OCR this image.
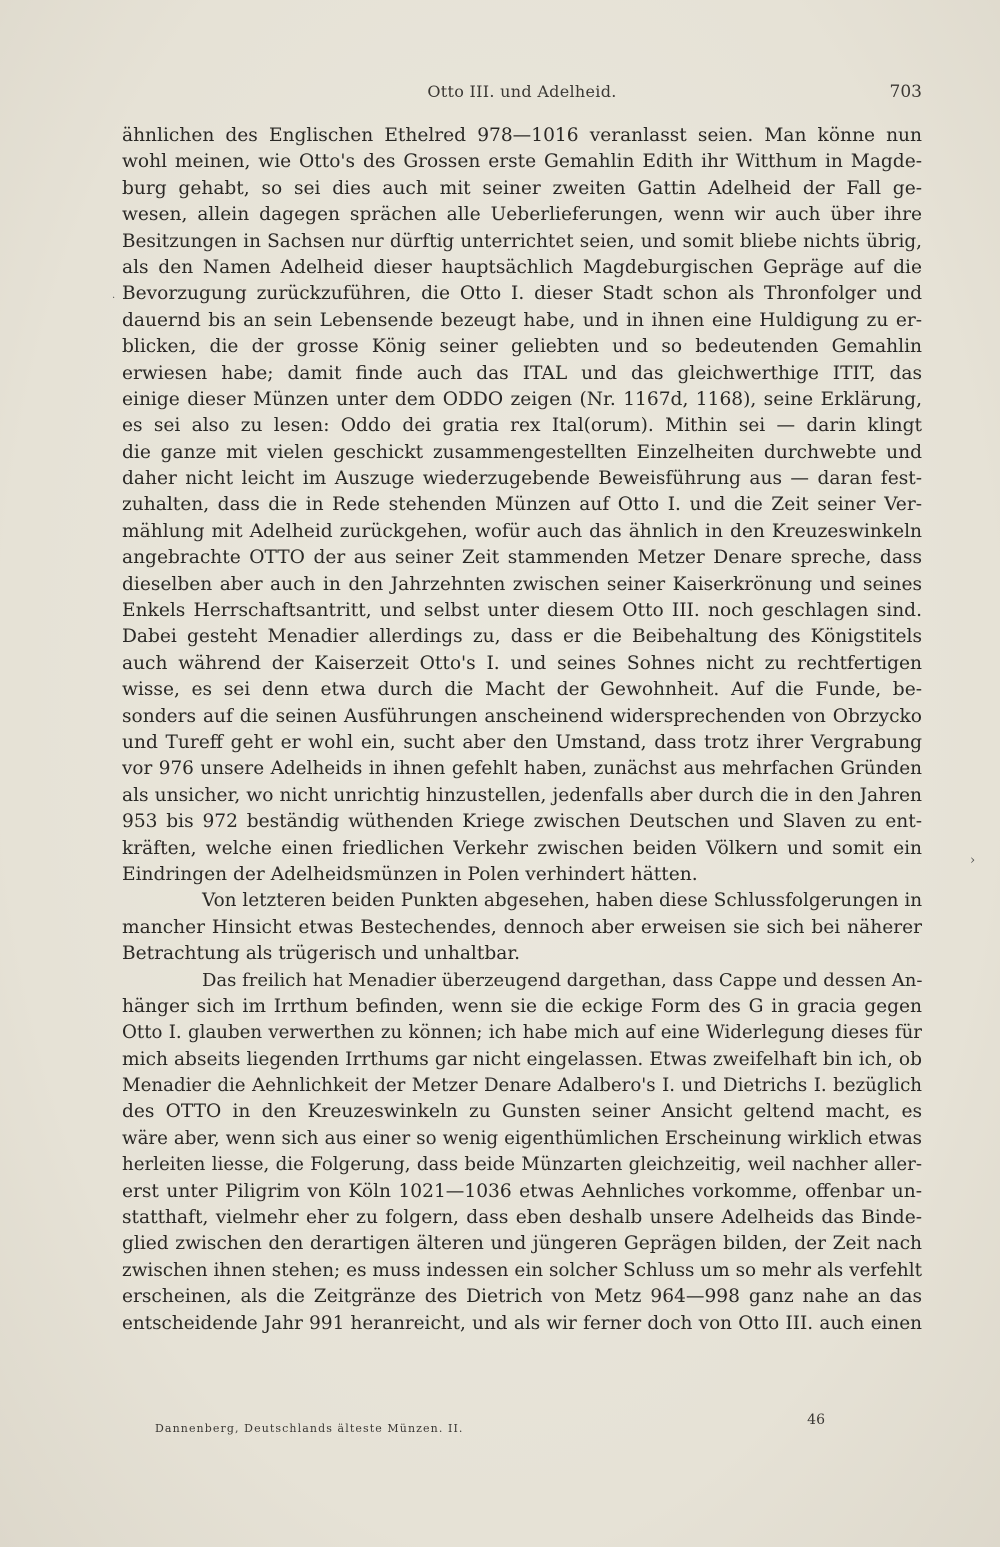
Otto III. und Adelheid.	703
ähnlichen des Englischen Ethelred 978—1016 veranlasst seien. Man könne nun
wohl meinen, wie Otto's des Grossen erste Gemahlin Edith ihr Witthum in Magde-
burg gehabt, so sei dies auch mit seiner zweiten Gattin Adelheid der Fall ge-
wesen, allein dagegen sprächen alle Ueberlieferungen, wenn wir auch über ihre
Besitzungen in Sachsen nur dürftig unterrichtet seien, und somit bliebe nichts übrig,
als den Namen Adelheid dieser hauptsächlich Magdeburgischen Gepräge auf die
Bevorzugung zurückzuführen, die Otto I. dieser Stadt schon als Thronfolger und
dauernd bis an sein Lebensende bezeugt habe, und in ihnen eine Huldigung zu er-
blicken, die der grosse König seiner geliebten und so bedeutenden Gemahlin
erwiesen habe; damit finde auch das ITAL und das gleichwerthige ITIT, das
einige dieser Münzen unter dem ODDO zeigen (Nr. 1167d, 1168), seine Erklärung,
es sei also zu lesen: Oddo dei gratia rex Ital(orum). Mithin sei — darin klingt
die ganze mit vielen geschickt zusammengestellten Einzelheiten durchwebte und
daher nicht leicht im Auszuge wiederzugebende Beweisführung aus — daran fest-
zuhalten, dass die in Rede stehenden Münzen auf Otto I. und die Zeit seiner Ver-
mählung mit Adelheid zurückgehen, wofür auch das ähnlich in den Kreuzeswinkeln
angebrachte OTTO der aus seiner Zeit stammenden Metzer Denare spreche, dass
dieselben aber auch in den Jahrzehnten zwischen seiner Kaiserkrönung und seines
Enkels Herrschaftsantritt, und selbst unter diesem Otto III. noch geschlagen sind.
Dabei gesteht Menadier allerdings zu, dass er die Beibehaltung des Königstitels
auch während der Kaiserzeit Otto's I. und seines Sohnes nicht zu rechtfertigen
wisse, es sei denn etwa durch die Macht der Gewohnheit. Auf die Funde, be-
sonders auf die seinen Ausführungen anscheinend widersprechenden von Obrzycko
und Tureff geht er wohl ein, sucht aber den Umstand, dass trotz ihrer Vergrabung
vor 976 unsere Adelheids in ihnen gefehlt haben, zunächst aus mehrfachen Gründen
als unsicher, wo nicht unrichtig hinzustellen, jedenfalls aber durch die in den Jahren
953 bis 972 beständig wüthenden Kriege zwischen Deutschen und Slaven zu ent-
kräften, welche einen friedlichen Verkehr zwischen beiden Völkern und somit ein
Eindringen der Adelheidsmünzen in Polen verhindert hätten.
Von letzteren beiden Punkten abgesehen, haben diese Schlussfolgerungen in
mancher Hinsicht etwas Bestechendes, dennoch aber erweisen sie sich bei näherer
Betrachtung als trügerisch und unhaltbar.
Das freilich hat Menadier überzeugend dargethan, dass Cappe und dessen An-
hänger sich im Irrthum befinden, wenn sie die eckige Form des G in gracia gegen
Otto I. glauben verwerthen zu können; ich habe mich auf eine Widerlegung dieses für
mich abseits liegenden Irrthums gar nicht eingelassen. Etwas zweifelhaft bin ich, ob
Menadier die Aehnlichkeit der Metzer Denare Adalbero's I. und Dietrichs I. bezüglich
des OTTO in den Kreuzeswinkeln zu Gunsten seiner Ansicht geltend macht, es
wäre aber, wenn sich aus einer so wenig eigenthümlichen Erscheinung wirklich etwas
herleiten liesse, die Folgerung, dass beide Münzarten gleichzeitig, weil nachher aller-
erst unter Piligrim von Köln 1021—1036 etwas Aehnliches vorkomme, offenbar un-
statthaft, vielmehr eher zu folgern, dass eben deshalb unsere Adelheids das Binde-
glied zwischen den derartigen älteren und jüngeren Geprägen bilden, der Zeit nach
zwischen ihnen stehen; es muss indessen ein solcher Schluss um so mehr als verfehlt
erscheinen, als die Zeitgränze des Dietrich von Metz 964—998 ganz nahe an das
entscheidende Jahr 991 heranreicht, und als wir ferner doch von Otto III. auch einen
.
›
Dannenberg, Deutschlands älteste Münzen. II.
46
